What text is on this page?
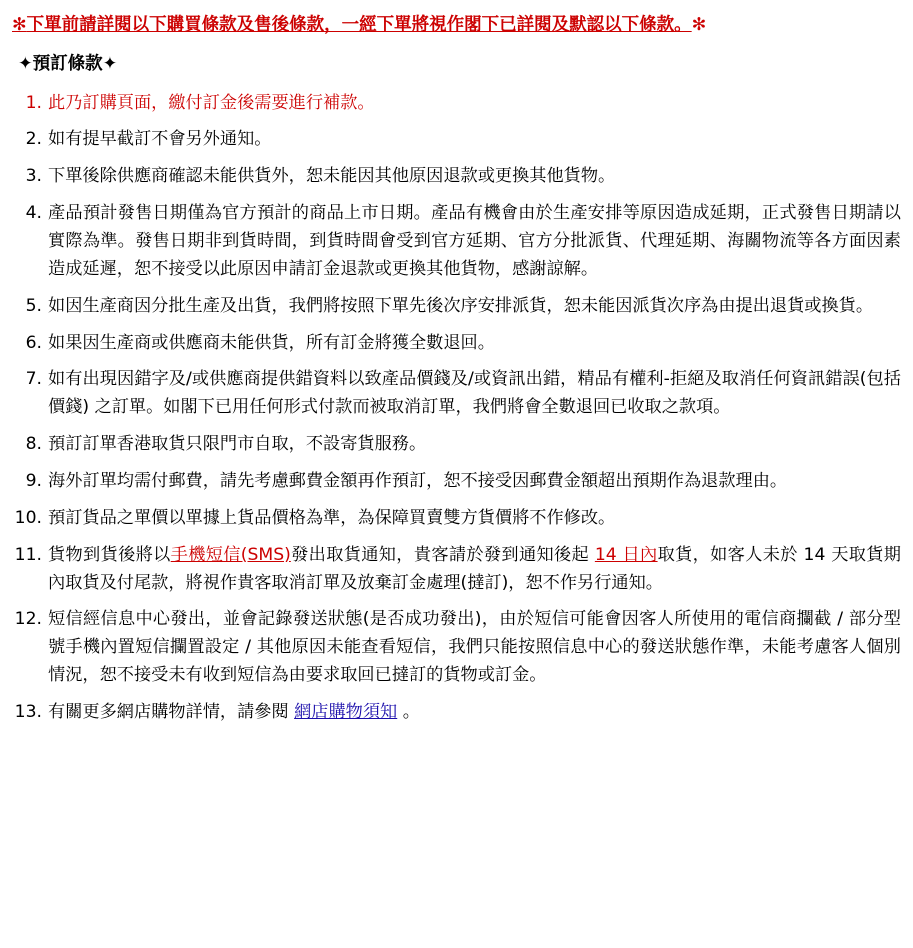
✻下單前請詳閱以下購買條款及售後條款，一經下單將視作閣下已詳閱及默認以下條款。✻
✦預訂條款✦
此乃訂購頁面，繳付訂金後需要進行補款。
如有提早截訂不會另外通知。
下單後除供應商確認未能供貨外，恕未能因其他原因退款或更換其他貨物。
產品預計發售日期僅為官方預計的商品上市日期。產品有機會由於生產安排等原因造成延期，正式發售日期請以實際為準。發售日期非到貨時間，到貨時間會受到官方延期、官方分批派貨、代理延期、海關物流等各方面因素造成延遲，恕不接受以此原因申請訂金退款或更換其他貨物，感謝諒解。
如因生產商因分批生產及出貨，我們將按照下單先後次序安排派貨，恕未能因派貨次序為由提出退貨或換貨。
如果因生產商或供應商未能供貨，所有訂金將獲全數退回。
如有出現因錯字及/或供應商提供錯資料以致產品價錢及/或資訊出錯，精品有權利-拒絕及取消任何資訊錯誤(包括價錢) 之訂單。如閣下已用任何形式付款而被取消訂單，我們將會全數退回已收取之款項。
預訂訂單香港取貨只限門市自取，不設寄貨服務。
海外訂單均需付郵費，請先考慮郵費金額再作預訂，恕不接受因郵費金額超出預期作為退款理由。
預訂貨品之單價以單據上貨品價格為準，為保障買賣雙方貨價將不作修改。
貨物到貨後將以手機短信(SMS)發出取貨通知，貴客請於發到通知後起 14 日內取貨，如客人未於 14 天取貨期內取貨及付尾款，將視作貴客取消訂單及放棄訂金處理(撻訂)，恕不作另行通知。
短信經信息中心發出，並會記錄發送狀態(是否成功發出)，由於短信可能會因客人所使用的電信商攔截 / 部分型號手機內置短信攔置設定 / 其他原因未能查看短信，我們只能按照信息中心的發送狀態作準，未能考慮客人個別情況，恕不接受未有收到短信為由要求取回已撻訂的貨物或訂金。
有關更多網店購物詳情，請參閱 網店購物須知 。
